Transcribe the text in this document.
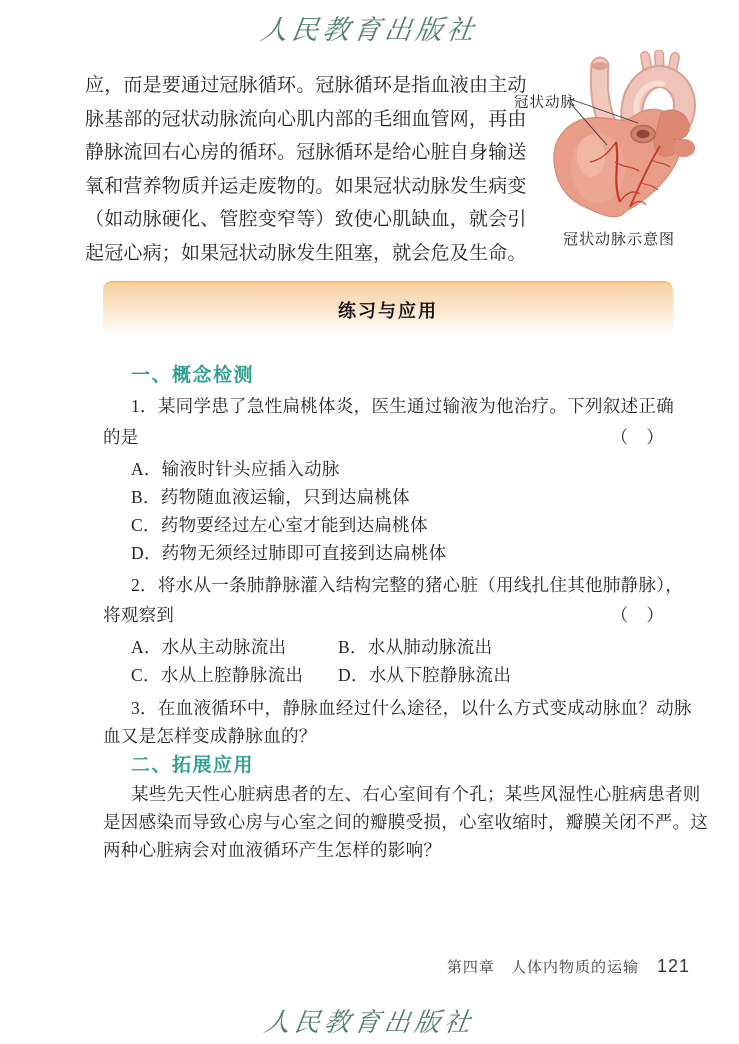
人民教育出版社
应，而是要通过冠脉循环。冠脉循环是指血液由主动
脉基部的冠状动脉流向心肌内部的毛细血管网，再由
静脉流回右心房的循环。冠脉循环是给心脏自身输送
氧和营养物质并运走废物的。如果冠状动脉发生病变
（如动脉硬化、管腔变窄等）致使心肌缺血，就会引
起冠心病；如果冠状动脉发生阻塞，就会危及生命。
冠状动脉
冠状动脉示意图
练习与应用
一、概念检测
1．某同学患了急性扁桃体炎，医生通过输液为他治疗。下列叙述正确
的是	（　）
A．输液时针头应插入动脉
B．药物随血液运输，只到达扁桃体
C．药物要经过左心室才能到达扁桃体
D．药物无须经过肺即可直接到达扁桃体
2．将水从一条肺静脉灌入结构完整的猪心脏（用线扎住其他肺静脉），
将观察到	（　）
A．水从主动脉流出	B．水从肺动脉流出
C．水从上腔静脉流出 D．水从下腔静脉流出
3．在血液循环中，静脉血经过什么途径，以什么方式变成动脉血？动脉
血又是怎样变成静脉血的？
二、拓展应用
某些先天性心脏病患者的左、右心室间有个孔；某些风湿性心脏病患者则
是因感染而导致心房与心室之间的瓣膜受损，心室收缩时，瓣膜关闭不严。这
两种心脏病会对血液循环产生怎样的影响？
第四章 人体内物质的运输 121
人民教育出版社
